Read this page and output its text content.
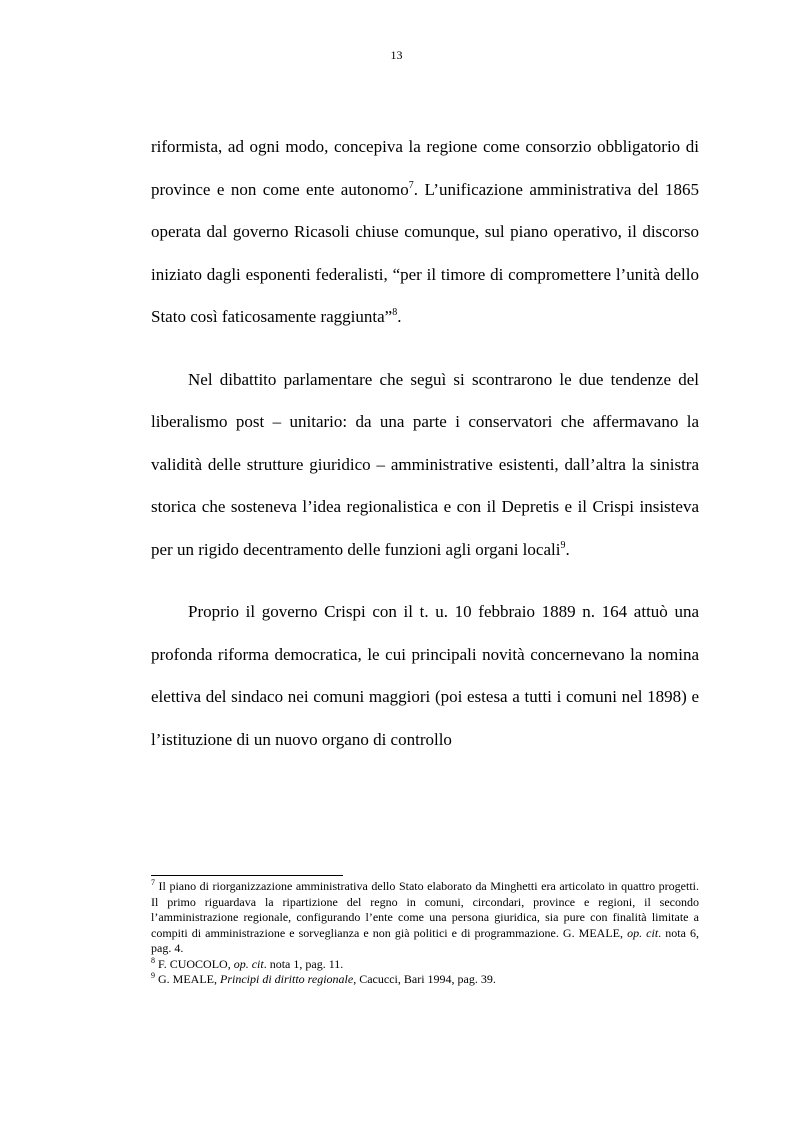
13

riformista, ad ogni modo, concepiva la regione come consorzio obbligatorio di province e non come ente autonomo$^7$. L’unificazione amministrativa del 1865 operata dal governo Ricasoli chiuse comunque, sul piano operativo, il discorso iniziato dagli esponenti federalisti, “per il timore di compromettere l’unità dello Stato così faticosamente raggiunta”$^8$.

Nel dibattito parlamentare che seguì si scontrarono le due tendenze del liberalismo post – unitario: da una parte i conservatori che affermavano la validità delle strutture giuridico – amministrative esistenti, dall’altra la sinistra storica che sosteneva l’idea regionalistica e con il Depretis e il Crispi insisteva per un rigido decentramento delle funzioni agli organi locali$^9$.

Proprio il governo Crispi con il t. u. 10 febbraio 1889 n. 164 attuò una profonda riforma democratica, le cui principali novità concernevano la nomina elettiva del sindaco nei comuni maggiori (poi estesa a tutti i comuni nel 1898) e l’istituzione di un nuovo organo di controllo

$^7$ Il piano di riorganizzazione amministrativa dello Stato elaborato da Minghetti era articolato in quattro progetti. Il primo riguardava la ripartizione del regno in comuni, circondari, province e regioni, il secondo l’amministrazione regionale, configurando l’ente come una persona giuridica, sia pure con finalità limitate a compiti di amministrazione e sorveglianza e non già politici e di programmazione. G. MEALE, op. cit. nota 6, pag. 4.

$^8$ F. CUOCOLO, op. cit. nota 1, pag. 11.

$^9$ G. MEALE, Principi di diritto regionale, Cacucci, Bari 1994, pag. 39.
